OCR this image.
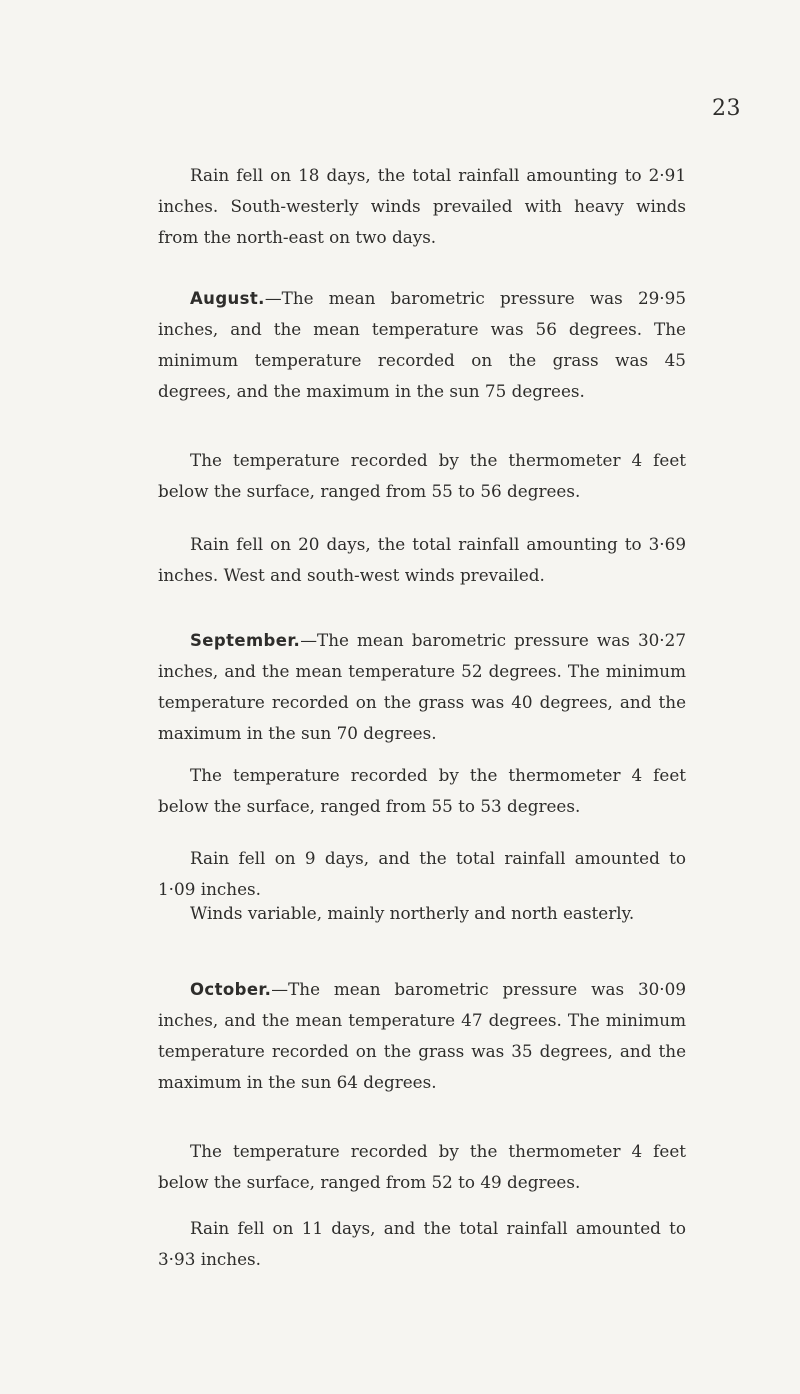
23

Rain fell on 18 days, the total rainfall amounting to 2·91 inches. South-westerly winds prevailed with heavy winds from the north-east on two days.

August.—The mean barometric pressure was 29·95 inches, and the mean temperature was 56 degrees. The minimum temperature recorded on the grass was 45 degrees, and the maximum in the sun 75 degrees.

The temperature recorded by the thermometer 4 feet below the surface, ranged from 55 to 56 degrees.

Rain fell on 20 days, the total rainfall amounting to 3·69 inches. West and south-west winds prevailed.

September.—The mean barometric pressure was 30·27 inches, and the mean temperature 52 degrees. The minimum temperature recorded on the grass was 40 degrees, and the maximum in the sun 70 degrees.

The temperature recorded by the thermometer 4 feet below the surface, ranged from 55 to 53 degrees.

Rain fell on 9 days, and the total rainfall amounted to 1·09 inches.

Winds variable, mainly northerly and north easterly.

October.—The mean barometric pressure was 30·09 inches, and the mean temperature 47 degrees. The minimum temperature recorded on the grass was 35 degrees, and the maximum in the sun 64 degrees.

The temperature recorded by the thermometer 4 feet below the surface, ranged from 52 to 49 degrees.

Rain fell on 11 days, and the total rainfall amounted to 3·93 inches.
